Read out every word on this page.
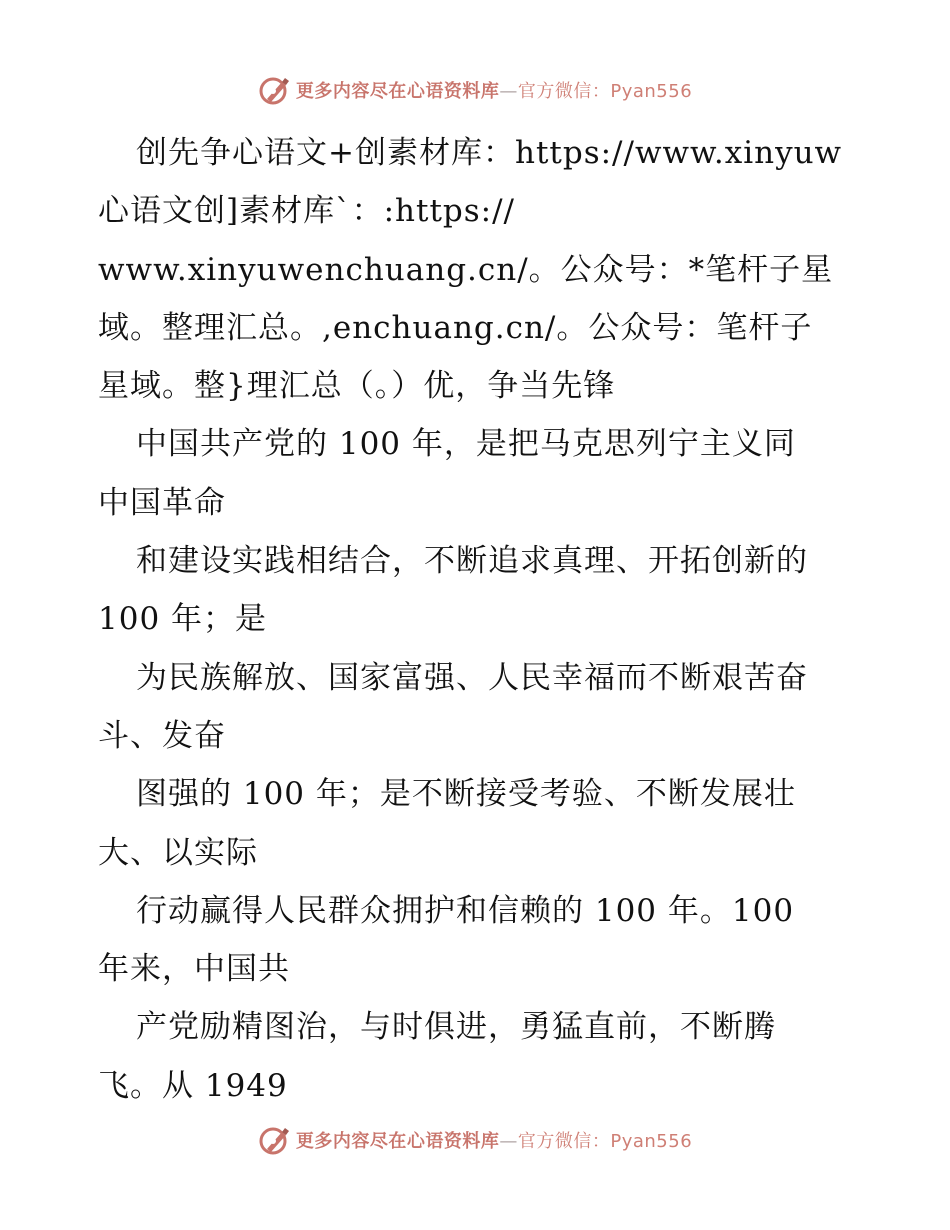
更多内容尽在心语资料库—官方微信：Pyan556
创先争心语文+创素材库：https://www.xinyuw
心语文创]素材库`：:https://
www.xinyuwenchuang.cn/。公众号：*笔杆子星
域。整理汇总。,enchuang.cn/。公众号：笔杆子
星域。整}理汇总（。）优，争当先锋
中国共产党的 100 年，是把马克思列宁主义同
中国革命
和建设实践相结合，不断追求真理、开拓创新的
100 年；是
为民族解放、国家富强、人民幸福而不断艰苦奋
斗、发奋
图强的 100 年；是不断接受考验、不断发展壮
大、以实际
行动赢得人民群众拥护和信赖的 100 年。100
年来，中国共
产党励精图治，与时俱进，勇猛直前，不断腾
飞。从 1949
更多内容尽在心语资料库—官方微信：Pyan556
